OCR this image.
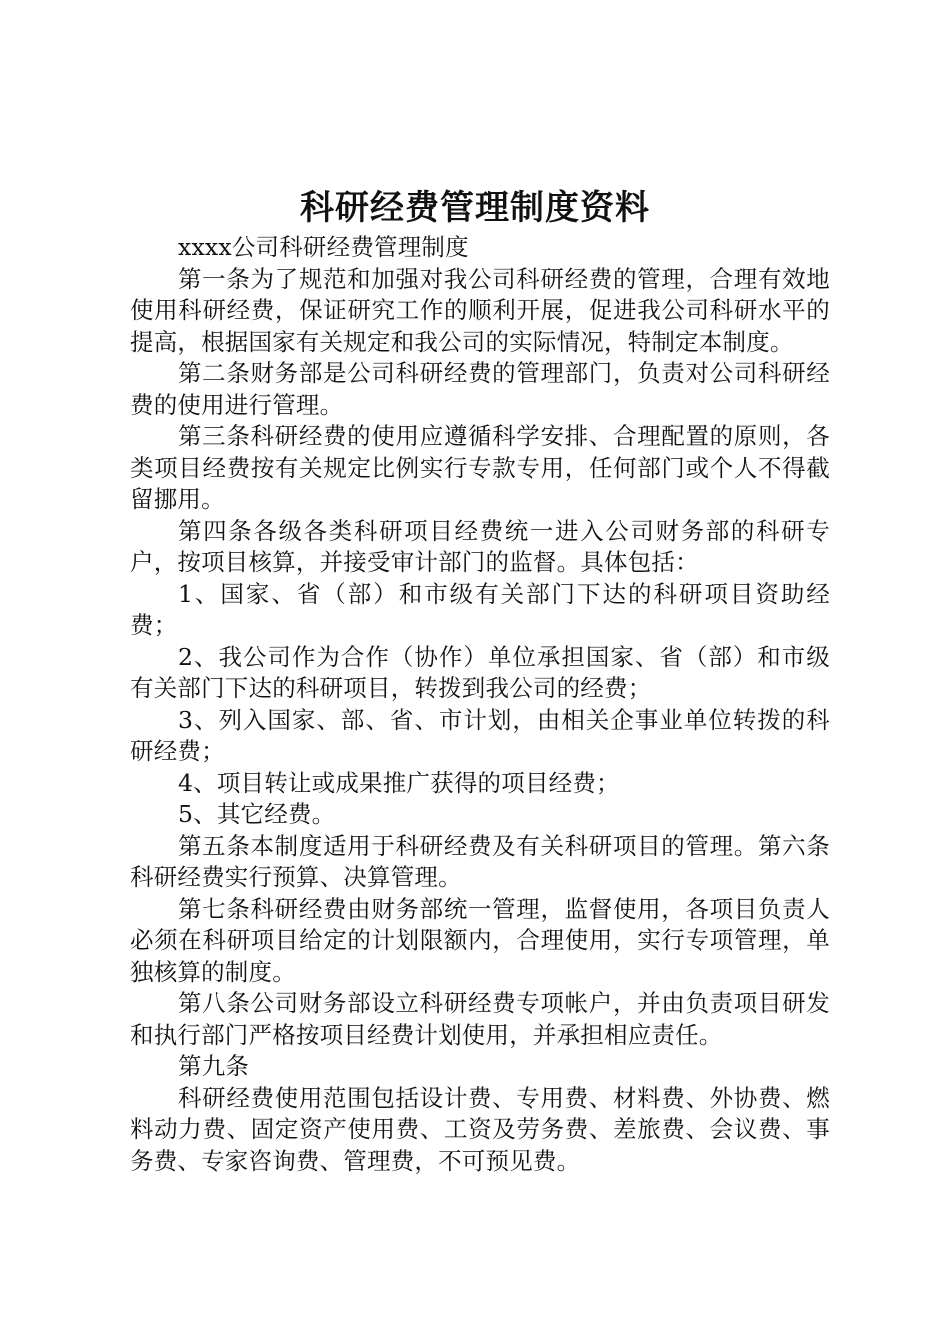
科研经费管理制度资料

xxxx公司科研经费管理制度

第一条为了规范和加强对我公司科研经费的管理，合理有效地使用科研经费，保证研究工作的顺利开展，促进我公司科研水平的提高，根据国家有关规定和我公司的实际情况，特制定本制度。

第二条财务部是公司科研经费的管理部门，负责对公司科研经费的使用进行管理。

第三条科研经费的使用应遵循科学安排、合理配置的原则，各类项目经费按有关规定比例实行专款专用，任何部门或个人不得截留挪用。

第四条各级各类科研项目经费统一进入公司财务部的科研专户，按项目核算，并接受审计部门的监督。具体包括：

1、国家、省（部）和市级有关部门下达的科研项目资助经费；

2、我公司作为合作（协作）单位承担国家、省（部）和市级有关部门下达的科研项目，转拨到我公司的经费；

3、列入国家、部、省、市计划，由相关企事业单位转拨的科研经费；

4、项目转让或成果推广获得的项目经费；

5、其它经费。

第五条本制度适用于科研经费及有关科研项目的管理。第六条科研经费实行预算、决算管理。

第七条科研经费由财务部统一管理，监督使用，各项目负责人必须在科研项目给定的计划限额内，合理使用，实行专项管理，单独核算的制度。

第八条公司财务部设立科研经费专项帐户，并由负责项目研发和执行部门严格按项目经费计划使用，并承担相应责任。

第九条

科研经费使用范围包括设计费、专用费、材料费、外协费、燃料动力费、固定资产使用费、工资及劳务费、差旅费、会议费、事务费、专家咨询费、管理费，不可预见费。
